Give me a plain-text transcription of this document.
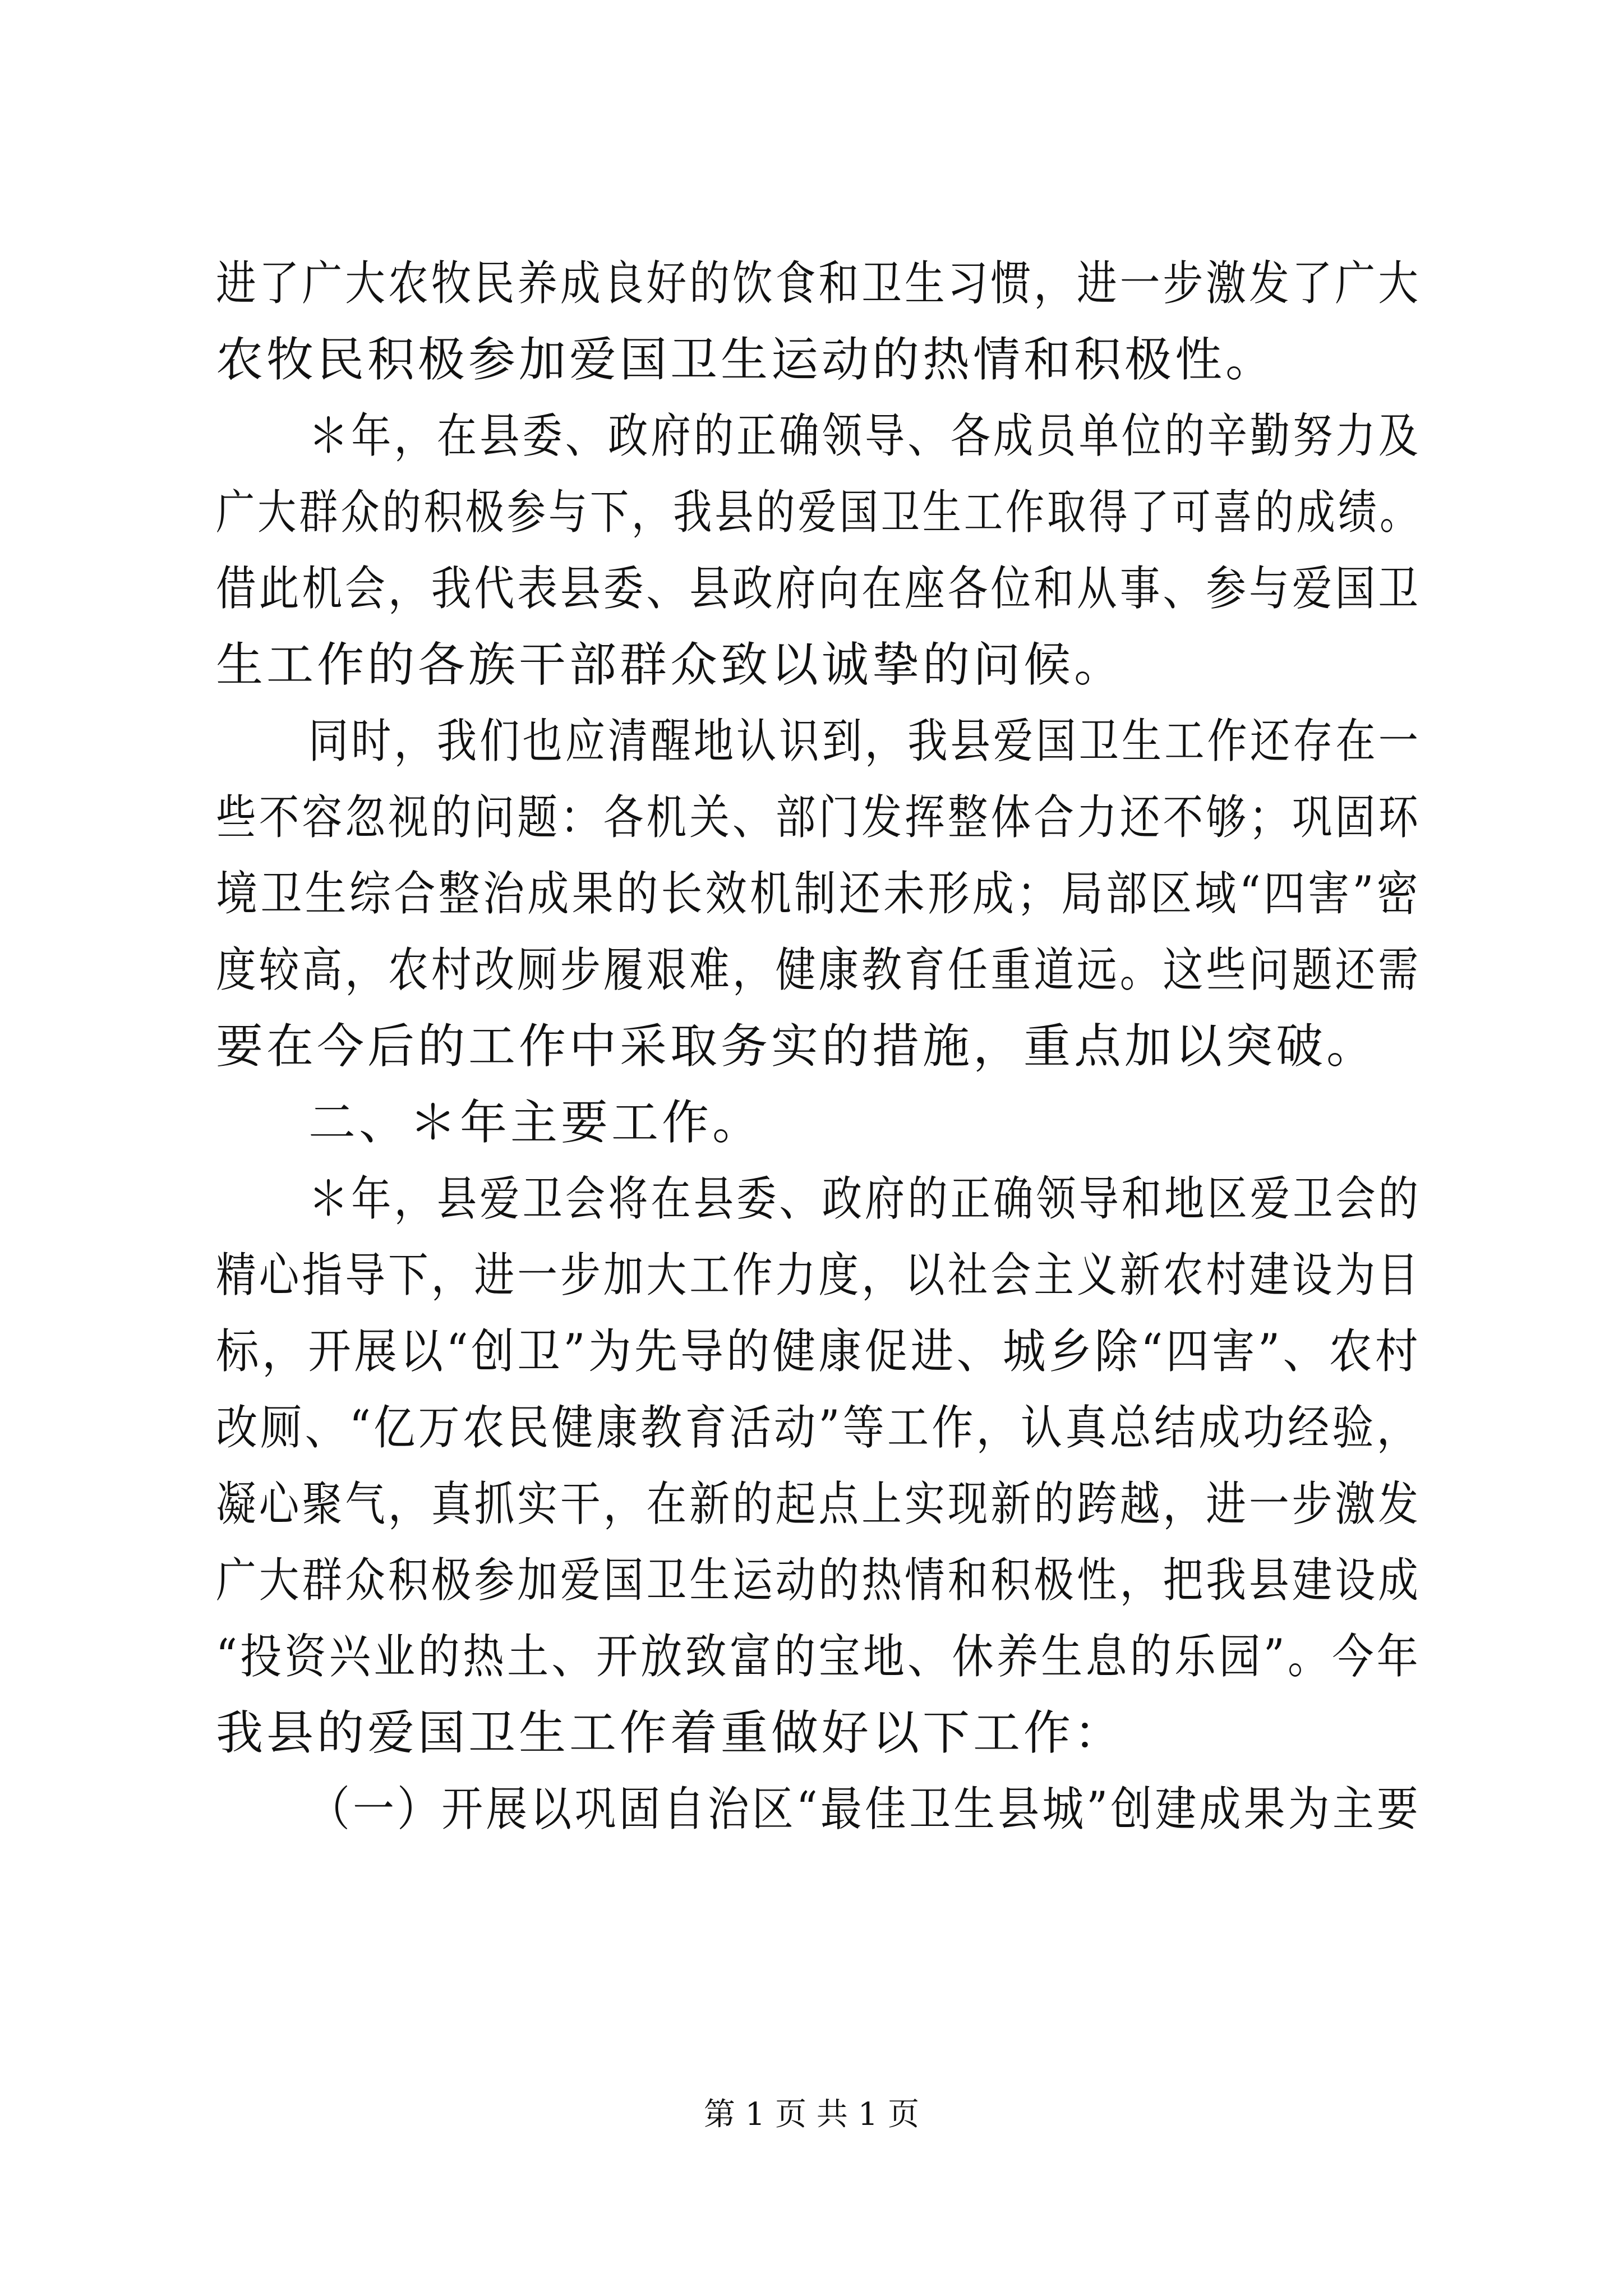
进了广大农牧民养成良好的饮食和卫生习惯，进一步激发了广大
农牧民积极参加爱国卫生运动的热情和积极性。
＊年，在县委、政府的正确领导、各成员单位的辛勤努力及
广大群众的积极参与下，我县的爱国卫生工作取得了可喜的成绩。
借此机会，我代表县委、县政府向在座各位和从事、参与爱国卫
生工作的各族干部群众致以诚挚的问候。
同时，我们也应清醒地认识到，我县爱国卫生工作还存在一
些不容忽视的问题：各机关、部门发挥整体合力还不够；巩固环
境卫生综合整治成果的长效机制还未形成；局部区域“四害”密
度较高，农村改厕步履艰难，健康教育任重道远。这些问题还需
要在今后的工作中采取务实的措施，重点加以突破。
二、＊年主要工作。
＊年，县爱卫会将在县委、政府的正确领导和地区爱卫会的
精心指导下，进一步加大工作力度，以社会主义新农村建设为目
标，开展以“创卫”为先导的健康促进、城乡除“四害”、农村
改厕、“亿万农民健康教育活动”等工作，认真总结成功经验，
凝心聚气，真抓实干，在新的起点上实现新的跨越，进一步激发
广大群众积极参加爱国卫生运动的热情和积极性，把我县建设成
“投资兴业的热土、开放致富的宝地、休养生息的乐园”。今年
我县的爱国卫生工作着重做好以下工作：
（一）开展以巩固自治区“最佳卫生县城”创建成果为主要
第 1 页 共 1 页
